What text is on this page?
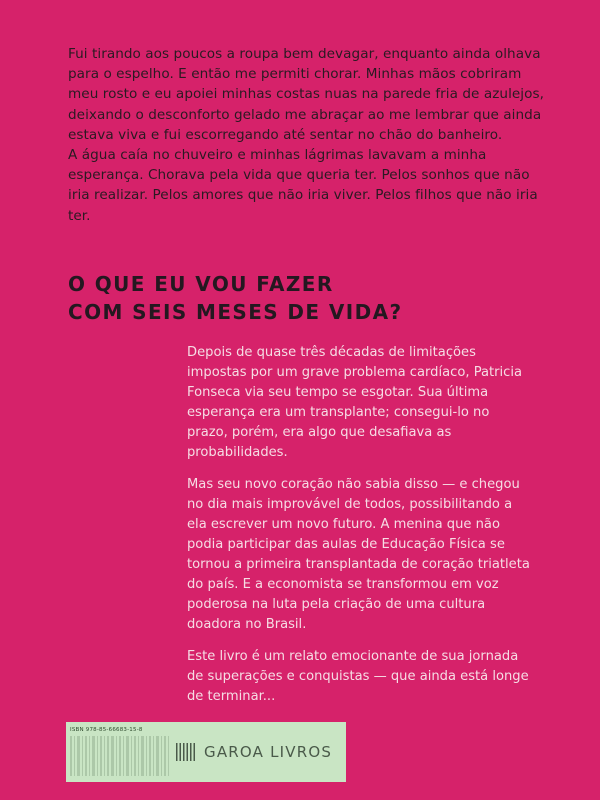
Fui tirando aos poucos a roupa bem devagar, enquanto ainda olhava para o espelho. E então me permiti chorar. Minhas mãos cobriram meu rosto e eu apoiei minhas costas nuas na parede fria de azulejos, deixando o desconforto gelado me abraçar ao me lembrar que ainda estava viva e fui escorregando até sentar no chão do banheiro.

A água caía no chuveiro e minhas lágrimas lavavam a minha esperança. Chorava pela vida que queria ter. Pelos sonhos que não iria realizar. Pelos amores que não iria viver. Pelos filhos que não iria ter.

O QUE EU VOU FAZER
COM SEIS MESES DE VIDA?

Depois de quase três décadas de limitações impostas por um grave problema cardíaco, Patricia Fonseca via seu tempo se esgotar. Sua última esperança era um transplante; consegui-lo no prazo, porém, era algo que desafiava as probabilidades.

Mas seu novo coração não sabia disso — e chegou no dia mais improvável de todos, possibilitando a ela escrever um novo futuro. A menina que não podia participar das aulas de Educação Física se tornou a primeira transplantada de coração triatleta do país. E a economista se transformou em voz poderosa na luta pela criação de uma cultura doadora no Brasil.

Este livro é um relato emocionante de sua jornada de superações e conquistas — que ainda está longe de terminar...

ISBN 978-85-66683-15-8
GAROA LIVROS
